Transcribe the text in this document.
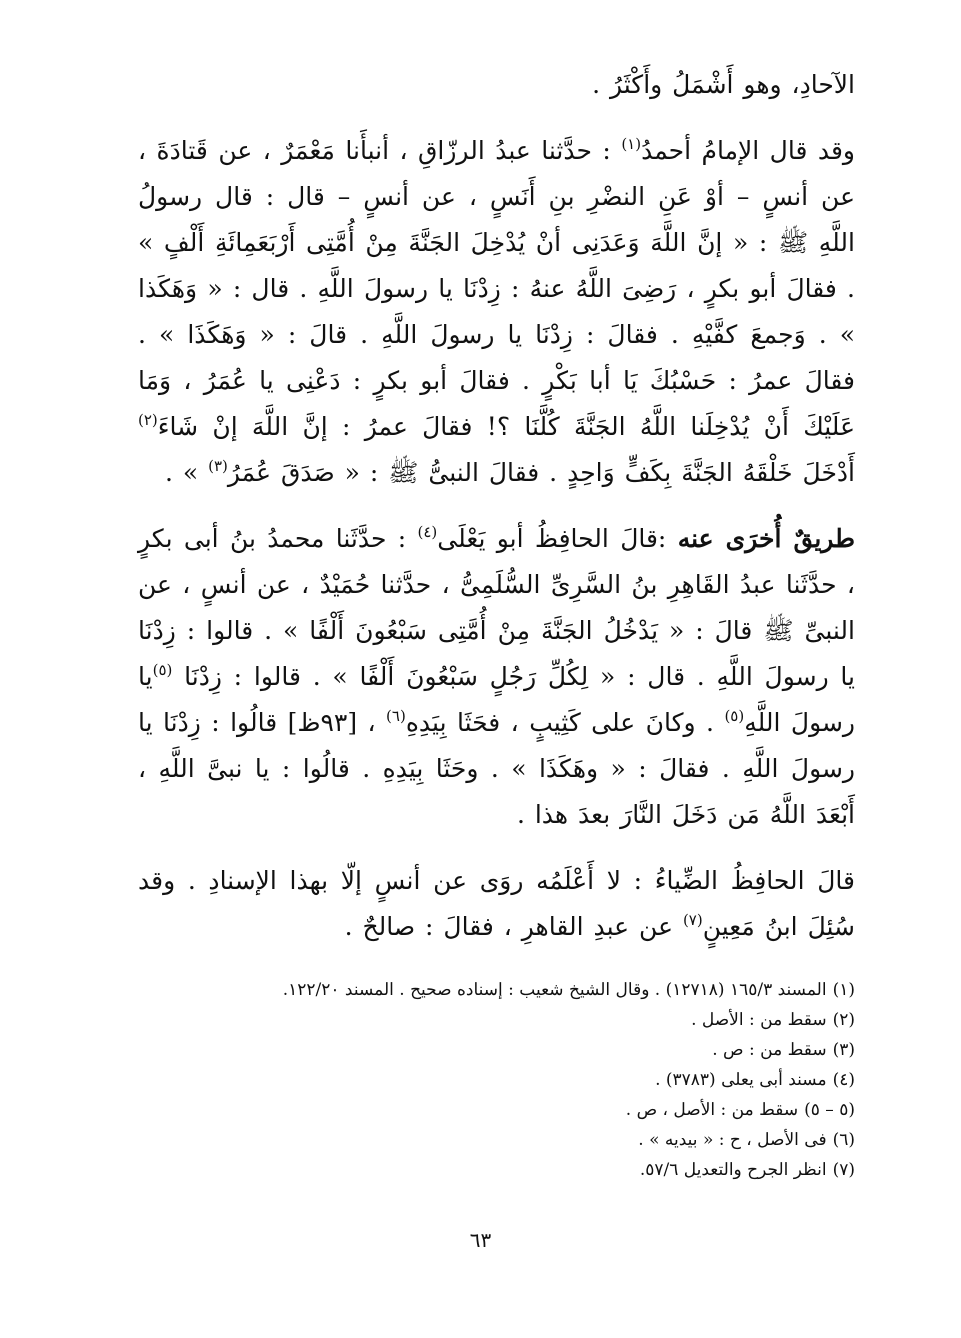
الآحادِ، وهو أَشْمَلُ وأَكْثَرُ .

وقد قال الإمامُ أحمدُ$^{(١)}$ : حدَّثنا عبدُ الرزّاقِ ، أنبأَنا مَعْمَرٌ ، عن قَتادَةَ ، عن أنسٍ – أوْ عَنِ النضْرِ بنِ أَنَسٍ ، عن أنسٍ – قال : قال رسولُ اللَّهِ ﷺ : « إنَّ اللَّهَ وَعَدَنِى أنْ يُدْخِلَ الجَنَّةَ مِنْ أُمَّتِى أَرْبَعَمِائَةِ أَلْفٍ » . فقالَ أبو بكرٍ ، رَضِىَ اللَّهُ عنهُ : زِدْنَا يا رسولَ اللَّهِ . قال : « وَهَكَذا » . وَجمعَ كفَّيْهِ . فقالَ : زِدْنَا يا رسولَ اللَّهِ . قالَ : « وَهَكَذَا » . فقالَ عمرُ : حَسْبُكَ يَا أبا بَكْرٍ . فقالَ أبو بكرٍ : دَعْنِى يا عُمَرُ ، وَمَا عَلَيْكَ أَنْ يُدْخِلَنا اللَّهُ الجَنَّةَ كُلَّنَا ؟! فقالَ عمرُ : إنَّ اللَّهَ إنْ شَاءَ$^{(٢)}$ أَدْخَلَ خَلْقَهُ الجَنَّةَ بِكَفٍّ وَاحِدٍ . فقالَ النبىُّ ﷺ : « صَدَقَ عُمَرُ$^{(٣)}$ » .

طريقٌ أُخرَى عنه :قالَ الحافِظُ أبو يَعْلَى$^{(٤)}$ : حدَّثَنا محمدُ بنُ أبى بكرٍ ، حدَّثَنا عبدُ القَاهِرِ بنُ السَّرِىِّ السُّلَمِىُّ ، حدَّثنا حُمَيْدٌ ، عن أنسٍ ، عن النبىِّ ﷺ قالَ : « يَدْخُلُ الجَنَّةَ مِنْ أُمَّتِى سَبْعُونَ أَلْفًا » . قالوا : زِدْنَا يا رسولَ اللَّهِ . قال : « لِكُلِّ رَجُلٍ سَبْعُونَ أَلْفًا » . قالوا : زِدْنَا $^{(٥)}$يا رسولَ اللَّهِ$^{(٥)}$ . وكانَ على كَثِيبٍ ، فحَثَا بِيَدِهِ$^{(٦)}$ ، [٩٣ظ] قالُوا : زِدْنَا يا رسولَ اللَّهِ . فقالَ : « وهَكَذَا » . وحَثَا بِيَدِهِ . قالُوا : يا نبىَّ اللَّهِ ، أَبْعَدَ اللَّهُ مَن دَخَلَ النَّارَ بعدَ هذا .

قالَ الحافِظُ الضِّياءُ : لا أَعْلَمُه روَى عن أنسٍ إلّا بهذا الإسنادِ . وقد سُئِلَ ابنُ مَعِينٍ$^{(٧)}$ عن عبدِ القاهرِ ، فقالَ : صالحٌ .

(١)المسند ١٦٥/٣ (١٢٧١٨) . وقال الشيخ شعيب : إسناده صحيح . المسند ١٢٢/٢٠.
(٢)سقط من : الأصل .
(٣)سقط من : ص .
(٤)مسند أبى يعلى (٣٧٨٣) .
(٥ – ٥)سقط من : الأصل ، ص .
(٦)فى الأصل ، ح : « بيديه » .
(٧)انظر الجرح والتعديل ٥٧/٦.
٦٣
